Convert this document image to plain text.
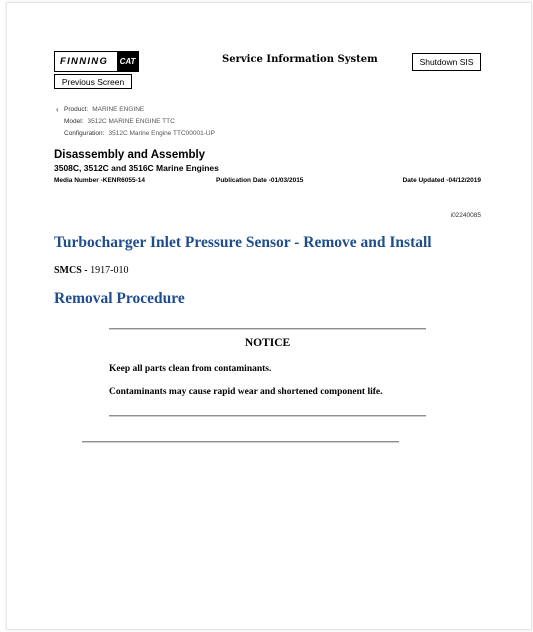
FINNING	CAT	Service Information System	Shutdown SIS
Previous Screen
‹ Product: MARINE ENGINE
Model: 3512C MARINE ENGINE TTC
Configuration: 3512C Marine Engine TTC00001-UP
Disassembly and Assembly
3508C, 3512C and 3516C Marine Engines
Media Number -KENR6055-14	Publication Date -01/03/2015	Date Updated -04/12/2019
i02240085
Turbocharger Inlet Pressure Sensor - Remove and Install
SMCS - 1917-010
Removal Procedure
NOTICE
Keep all parts clean from contaminants.
Contaminants may cause rapid wear and shortened component life.
